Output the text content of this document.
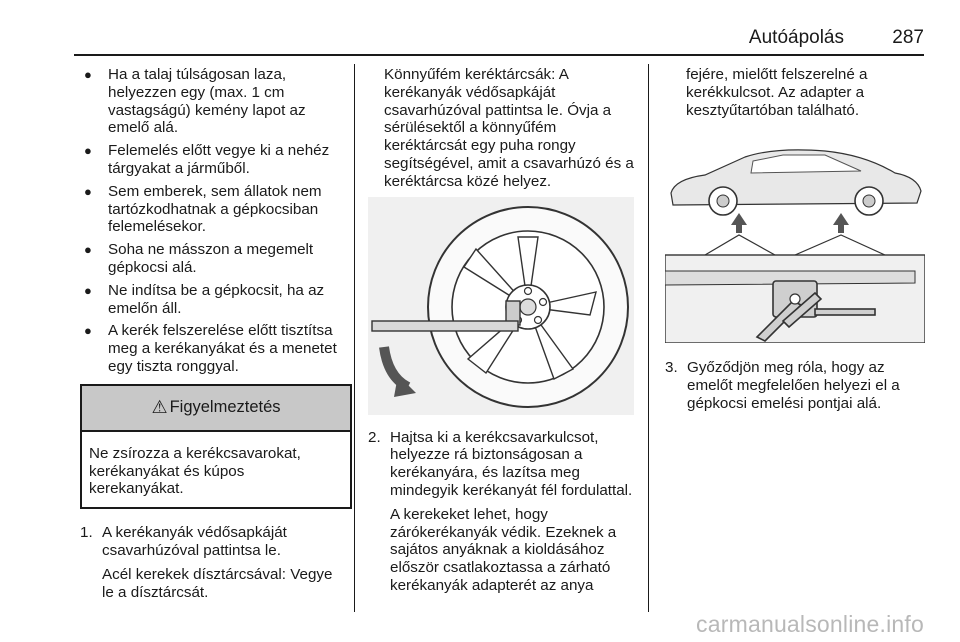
Autóápolás	287
● Ha a talaj túlságosan laza, helyezzen egy (max. 1 cm vastagságú) kemény lapot az emelő alá.
● Felemelés előtt vegye ki a nehéz tárgyakat a járműből.
● Sem emberek, sem állatok nem tartózkodhatnak a gépkocsiban felemelésekor.
● Soha ne másszon a megemelt gépkocsi alá.
● Ne indítsa be a gépkocsit, ha az emelőn áll.
● A kerék felszerelése előtt tisztítsa meg a kerékanyákat és a menetet egy tiszta ronggyal.
⚠ Figyelmeztetés
Ne zsírozza a kerékcsavarokat, kerékanyákat és kúpos kerekanyákat.
1. A kerékanyák védősapkáját csavarhúzóval pattintsa le.

Acél kerekek dísztárcsával: Vegye le a dísztárcsát.

Könnyűfém keréktárcsák: A kerékanyák védősapkáját csavarhúzóval pattintsa le. Óvja a sérülésektől a könnyűfém keréktárcsát egy puha rongy segítségével, amit a csavarhúzó és a keréktárcsa közé helyez.

2. Hajtsa ki a kerékcsavarkulcsot, helyezze rá biztonságosan a kerékanyára, és lazítsa meg mindegyik kerékanyát fél fordulattal.

A kerekeket lehet, hogy zárókerékanyák védik. Ezeknek a sajátos anyáknak a kioldásához először csatlakoztassa a zárható kerékanyák adapterét az anya

fejére, mielőtt felszerelné a kerékkulcsot. Az adapter a kesztyűtartóban található.

3. Győződjön meg róla, hogy az emelőt megfelelően helyezi el a gépkocsi emelési pontjai alá.

carmanualsonline.info
